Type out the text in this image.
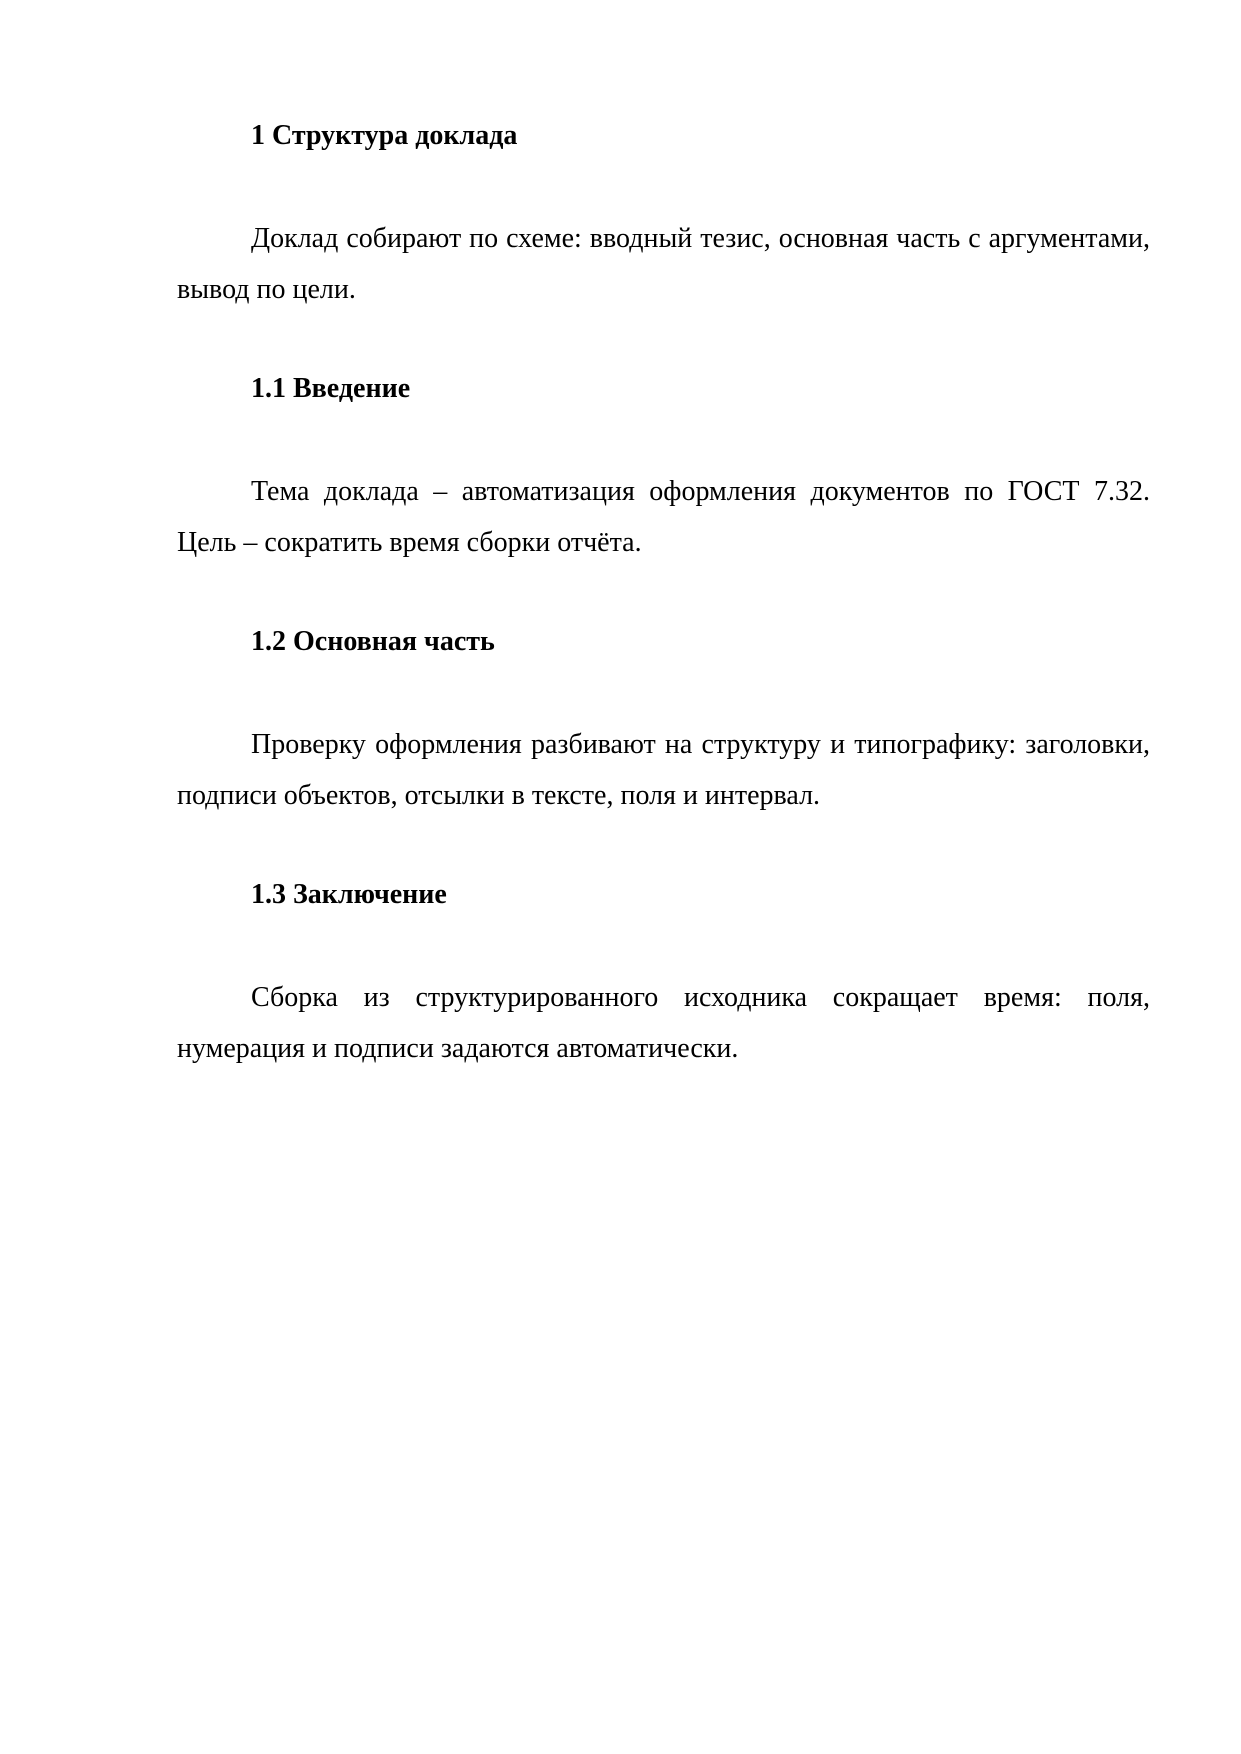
1 Структура доклада

Доклад собирают по схеме: вводный тезис, основная часть с аргументами, вывод по цели.

1.1 Введение

Тема доклада – автоматизация оформления документов по ГОСТ 7.32. Цель – сократить время сборки отчёта.

1.2 Основная часть

Проверку оформления разбивают на структуру и типографику: заголовки, подписи объектов, отсылки в тексте, поля и интервал.

1.3 Заключение

Сборка из структурированного исходника сокращает время: поля, нумерация и подписи задаются автоматически.
